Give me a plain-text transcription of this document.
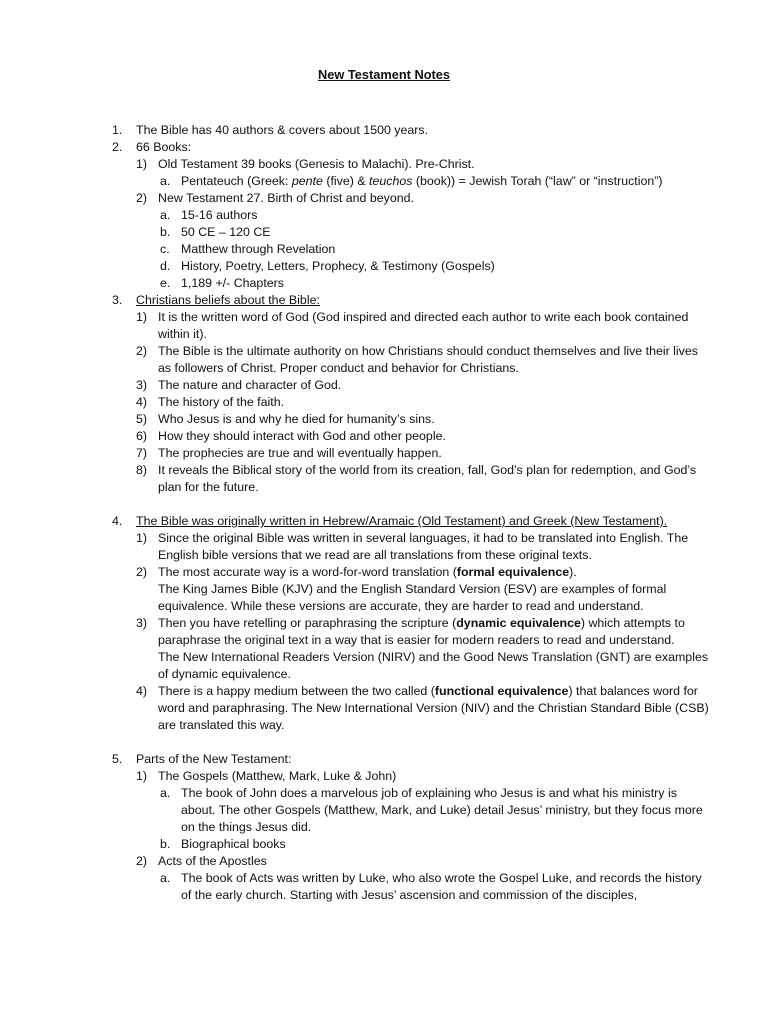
New Testament Notes
1. The Bible has 40 authors & covers about 1500 years.
2. 66 Books:
1) Old Testament 39 books (Genesis to Malachi). Pre-Christ.
a. Pentateuch (Greek: pente (five) & teuchos (book)) = Jewish Torah (“law” or “instruction”)
2) New Testament 27. Birth of Christ and beyond.
a. 15-16 authors
b. 50 CE – 120 CE
c. Matthew through Revelation
d. History, Poetry, Letters, Prophecy, & Testimony (Gospels)
e. 1,189 +/- Chapters
3. Christians beliefs about the Bible:
1) It is the written word of God (God inspired and directed each author to write each book contained within it).
2) The Bible is the ultimate authority on how Christians should conduct themselves and live their lives as followers of Christ. Proper conduct and behavior for Christians.
3) The nature and character of God.
4) The history of the faith.
5) Who Jesus is and why he died for humanity’s sins.
6) How they should interact with God and other people.
7) The prophecies are true and will eventually happen.
8) It reveals the Biblical story of the world from its creation, fall, God’s plan for redemption, and God’s plan for the future.
4. The Bible was originally written in Hebrew/Aramaic (Old Testament) and Greek (New Testament).
1) Since the original Bible was written in several languages, it had to be translated into English. The English bible versions that we read are all translations from these original texts.
2) The most accurate way is a word-for-word translation (formal equivalence).
The King James Bible (KJV) and the English Standard Version (ESV) are examples of formal equivalence. While these versions are accurate, they are harder to read and understand.
3) Then you have retelling or paraphrasing the scripture (dynamic equivalence) which attempts to paraphrase the original text in a way that is easier for modern readers to read and understand.
The New International Readers Version (NIRV) and the Good News Translation (GNT) are examples of dynamic equivalence.
4) There is a happy medium between the two called (functional equivalence) that balances word for word and paraphrasing. The New International Version (NIV) and the Christian Standard Bible (CSB) are translated this way.
5. Parts of the New Testament:
1) The Gospels (Matthew, Mark, Luke & John)
a. The book of John does a marvelous job of explaining who Jesus is and what his ministry is about. The other Gospels (Matthew, Mark, and Luke) detail Jesus’ ministry, but they focus more on the things Jesus did.
b. Biographical books
2) Acts of the Apostles
a. The book of Acts was written by Luke, who also wrote the Gospel Luke, and records the history of the early church. Starting with Jesus’ ascension and commission of the disciples,
